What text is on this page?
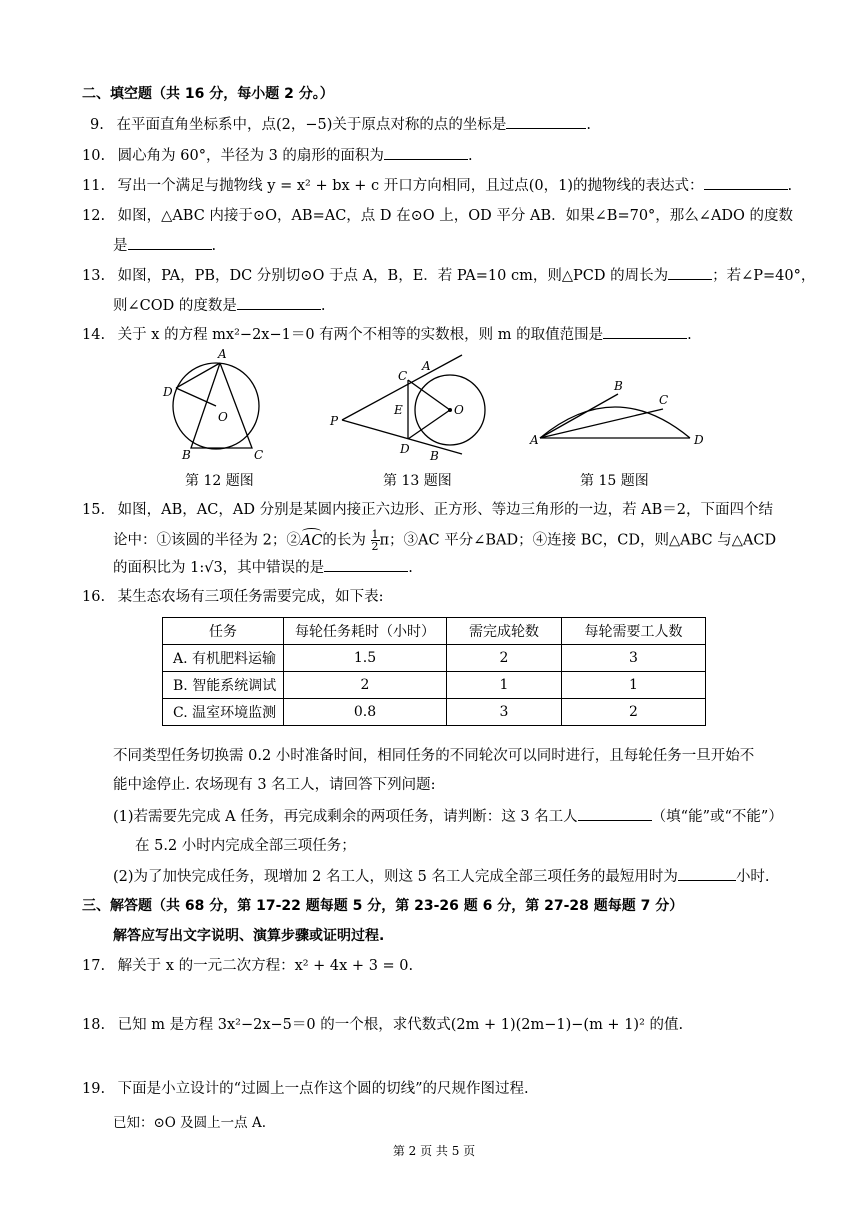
二、填空题（共 16 分，每小题 2 分。）
9. 在平面直角坐标系中，点(2，−5)关于原点对称的点的坐标是	.
10. 圆心角为 60°，半径为 3 的扇形的面积为	.
11. 写出一个满足与抛物线 y = x² + bx + c 开口方向相同，且过点(0，1)的抛物线的表达式：	.
12. 如图，△ABC 内接于⊙O，AB=AC，点 D 在⊙O 上，OD 平分 AB．如果∠B=70°，那么∠ADO 的度数
是	.
13. 如图，PA，PB，DC 分别切⊙O 于点 A，B，E．若 PA=10 cm，则△PCD 的周长为	；若∠P=40°，
则∠COD 的度数是	.
14. 关于 x 的方程 mx²−2x−1＝0 有两个不相等的实数根，则 m 的取值范围是	.
A
D
O
B	C
第 12 题图
P
A
C
E	O
D B
第 13 题图
A
B
C
D
第 15 题图
15. 如图，AB，AC，AD 分别是某圆内接正六边形、正方形、等边三角形的一边，若 AB＝2，下面四个结
论中：①该圆的半径为 2；②
AC的长为 $\frac{1}{2}$ π；③AC 平分∠BAD；④连接 BC，CD，则△ABC 与△ACD
的面积比为 1:√3，其中错误的是	.
16. 某生态农场有三项任务需要完成，如下表:
任务	每轮任务耗时（小时）	需完成轮数	每轮需要工人数
A. 有机肥料运输	1.5	2	3
B. 智能系统调试	2	1	1
C. 温室环境监测	0.8	3	2
不同类型任务切换需 0.2 小时准备时间，相同任务的不同轮次可以同时进行，且每轮任务一旦开始不
能中途停止. 农场现有 3 名工人，请回答下列问题:
(1)若需要先完成 A 任务，再完成剩余的两项任务，请判断：这 3 名工人	（填“能”或“不能”）
在 5.2 小时内完成全部三项任务；
(2)为了加快完成任务，现增加 2 名工人，则这 5 名工人完成全部三项任务的最短用时为	小时.
三、解答题（共 68 分，第 17-22 题每题 5 分，第 23-26 题 6 分，第 27-28 题每题 7 分）
解答应写出文字说明、演算步骤或证明过程.
17. 解关于 x 的一元二次方程：x² + 4x + 3 = 0.
18. 已知 m 是方程 3x²−2x−5＝0 的一个根，求代数式(2m + 1)(2m−1)−(m + 1)² 的值.
19. 下面是小立设计的“过圆上一点作这个圆的切线”的尺规作图过程.
已知：⊙O 及圆上一点 A.
第 2 页 共 5 页
